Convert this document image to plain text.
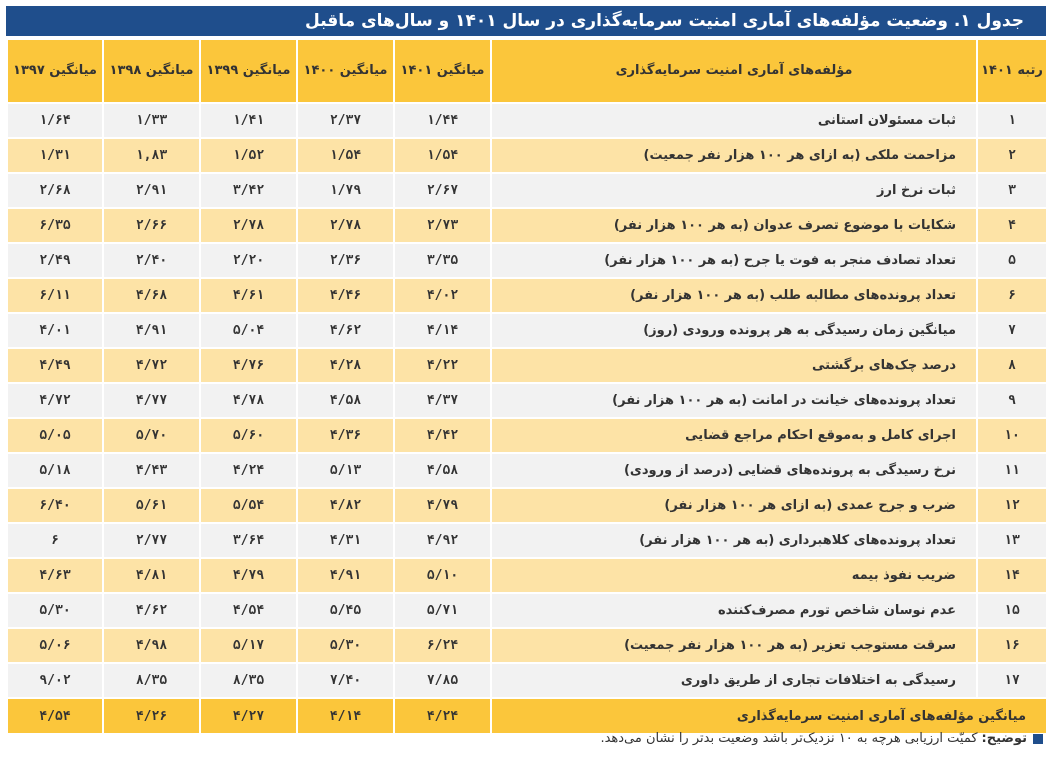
جدول ۱. وضعیت مؤلفه‌های آماری امنیت سرمایه‌گذاری در سال ۱۴۰۱ و سال‌های ماقبل
رتبه ۱۴۰۱	مؤلفه‌های آماری امنیت سرمایه‌گذاری	میانگین ۱۴۰۱	میانگین ۱۴۰۰	میانگین ۱۳۹۹	میانگین ۱۳۹۸	میانگین ۱۳۹۷
۱	ثبات مسئولان استانی	۱/۴۴	۲/۳۷	۱/۴۱	۱/۳۳	۱/۶۴
۲	مزاحمت ملکی (به ازای هر ۱۰۰ هزار نفر جمعیت)	۱/۵۴	۱/۵۴	۱/۵۲	۱,۸۳	۱/۳۱
۳	ثبات نرخ ارز	۲/۶۷	۱/۷۹	۳/۴۲	۲/۹۱	۲/۶۸
۴	شکایات با موضوع تصرف عدوان (به هر ۱۰۰ هزار نفر)	۲/۷۳	۲/۷۸	۲/۷۸	۲/۶۶	۶/۳۵
۵	تعداد تصادف منجر به فوت یا جرح (به هر ۱۰۰ هزار نفر)	۳/۳۵	۲/۳۶	۲/۲۰	۲/۴۰	۲/۴۹
۶	تعداد پرونده‌های مطالبه طلب (به هر ۱۰۰ هزار نفر)	۴/۰۲	۴/۴۶	۴/۶۱	۴/۶۸	۶/۱۱
۷	میانگین زمان رسیدگی به هر پرونده ورودی (روز)	۴/۱۴	۴/۶۲	۵/۰۴	۴/۹۱	۴/۰۱
۸	درصد چک‌های برگشتی	۴/۲۲	۴/۲۸	۴/۷۶	۴/۷۲	۴/۴۹
۹	تعداد پرونده‌های خیانت در امانت (به هر ۱۰۰ هزار نفر)	۴/۳۷	۴/۵۸	۴/۷۸	۴/۷۷	۴/۷۲
۱۰	اجرای کامل و به‌موقع احکام مراجع قضایی	۴/۴۲	۴/۳۶	۵/۶۰	۵/۷۰	۵/۰۵
۱۱	نرخ رسیدگی به پرونده‌های قضایی (درصد از ورودی)	۴/۵۸	۵/۱۳	۴/۲۴	۴/۴۳	۵/۱۸
۱۲	ضرب و جرح عمدی (به ازای هر ۱۰۰ هزار نفر)	۴/۷۹	۴/۸۲	۵/۵۴	۵/۶۱	۶/۴۰
۱۳	تعداد پرونده‌های کلاهبرداری (به هر ۱۰۰ هزار نفر)	۴/۹۲	۴/۳۱	۳/۶۴	۲/۷۷	۶
۱۴	ضریب نفوذ بیمه	۵/۱۰	۴/۹۱	۴/۷۹	۴/۸۱	۴/۶۳
۱۵	عدم نوسان شاخص تورم مصرف‌کننده	۵/۷۱	۵/۴۵	۴/۵۴	۴/۶۲	۵/۳۰
۱۶	سرقت مستوجب تعزیر (به هر ۱۰۰ هزار نفر جمعیت)	۶/۲۴	۵/۳۰	۵/۱۷	۴/۹۸	۵/۰۶
۱۷	رسیدگی به اختلافات تجاری از طریق داوری	۷/۸۵	۷/۴۰	۸/۳۵	۸/۳۵	۹/۰۲
میانگین مؤلفه‌های آماری امنیت سرمایه‌گذاری		۴/۲۴	۴/۱۴	۴/۲۷	۴/۲۶	۴/۵۴
توضیح:
کمیّت ارزیابی هرچه به ۱۰ نزدیک‌تر باشد وضعیت بدتر را نشان می‌دهد.
